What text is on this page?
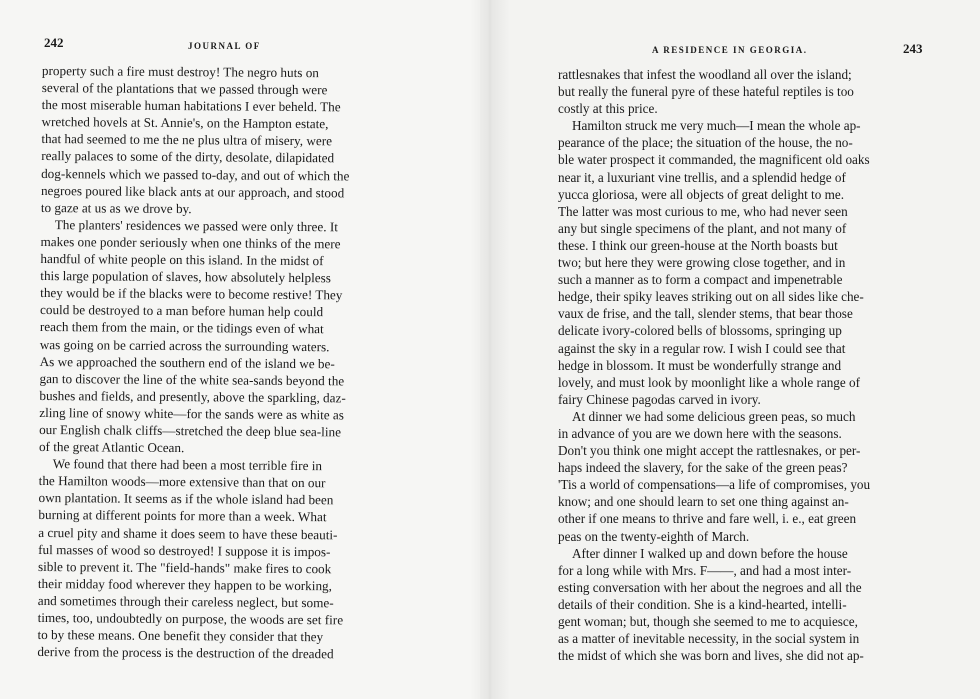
242	JOURNAL OF
property such a fire must destroy! The negro huts on
several of the plantations that we passed through were
the most miserable human habitations I ever beheld. The
wretched hovels at St. Annie's, on the Hampton estate,
that had seemed to me the ne plus ultra of misery, were
really palaces to some of the dirty, desolate, dilapidated
dog-kennels which we passed to-day, and out of which the
negroes poured like black ants at our approach, and stood
to gaze at us as we drove by.
The planters' residences we passed were only three. It
makes one ponder seriously when one thinks of the mere
handful of white people on this island. In the midst of
this large population of slaves, how absolutely helpless
they would be if the blacks were to become restive! They
could be destroyed to a man before human help could
reach them from the main, or the tidings even of what
was going on be carried across the surrounding waters.
As we approached the southern end of the island we be-
gan to discover the line of the white sea-sands beyond the
bushes and fields, and presently, above the sparkling, daz-
zling line of snowy white—for the sands were as white as
our English chalk cliffs—stretched the deep blue sea-line
of the great Atlantic Ocean.
We found that there had been a most terrible fire in
the Hamilton woods—more extensive than that on our
own plantation. It seems as if the whole island had been
burning at different points for more than a week. What
a cruel pity and shame it does seem to have these beauti-
ful masses of wood so destroyed! I suppose it is impos-
sible to prevent it. The "field-hands" make fires to cook
their midday food wherever they happen to be working,
and sometimes through their careless neglect, but some-
times, too, undoubtedly on purpose, the woods are set fire
to by these means. One benefit they consider that they
derive from the process is the destruction of the dreaded
A RESIDENCE IN GEORGIA.	243
rattlesnakes that infest the woodland all over the island;
but really the funeral pyre of these hateful reptiles is too
costly at this price.
Hamilton struck me very much—I mean the whole ap-
pearance of the place; the situation of the house, the no-
ble water prospect it commanded, the magnificent old oaks
near it, a luxuriant vine trellis, and a splendid hedge of
yucca gloriosa, were all objects of great delight to me.
The latter was most curious to me, who had never seen
any but single specimens of the plant, and not many of
these. I think our green-house at the North boasts but
two; but here they were growing close together, and in
such a manner as to form a compact and impenetrable
hedge, their spiky leaves striking out on all sides like che-
vaux de frise, and the tall, slender stems, that bear those
delicate ivory-colored bells of blossoms, springing up
against the sky in a regular row. I wish I could see that
hedge in blossom. It must be wonderfully strange and
lovely, and must look by moonlight like a whole range of
fairy Chinese pagodas carved in ivory.
At dinner we had some delicious green peas, so much
in advance of you are we down here with the seasons.
Don't you think one might accept the rattlesnakes, or per-
haps indeed the slavery, for the sake of the green peas?
'Tis a world of compensations—a life of compromises, you
know; and one should learn to set one thing against an-
other if one means to thrive and fare well, i. e., eat green
peas on the twenty-eighth of March.
After dinner I walked up and down before the house
for a long while with Mrs. F——, and had a most inter-
esting conversation with her about the negroes and all the
details of their condition. She is a kind-hearted, intelli-
gent woman; but, though she seemed to me to acquiesce,
as a matter of inevitable necessity, in the social system in
the midst of which she was born and lives, she did not ap-
